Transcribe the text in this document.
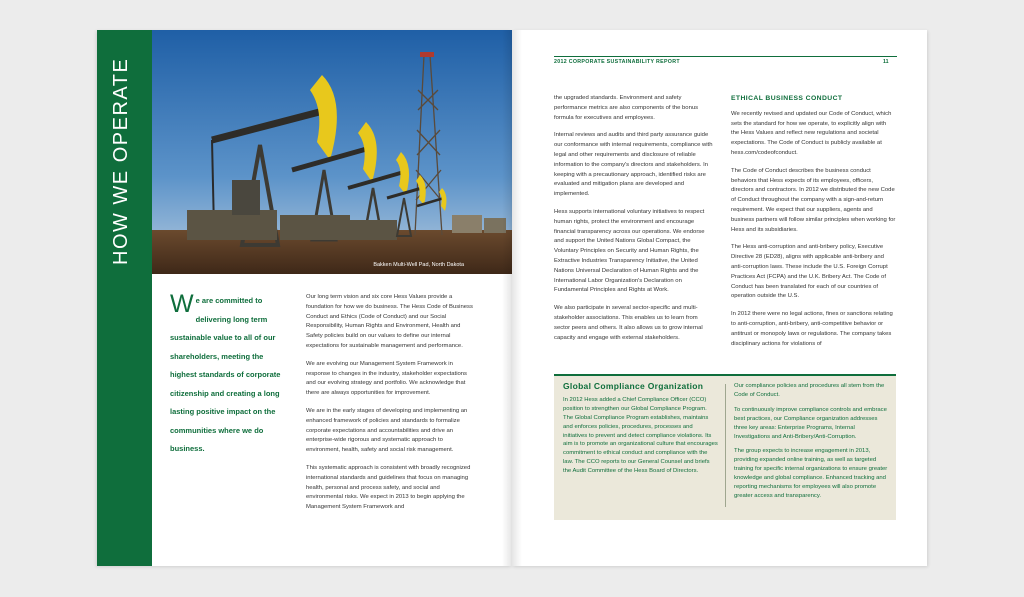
HOW WE OPERATE	Bakken Multi-Well Pad, North Dakota
We are committed to delivering long term sustainable value to all of our shareholders, meeting the highest standards of corporate citizenship and creating a long lasting positive impact on the communities where we do business.

Our long term vision and six core Hess Values provide a foundation for how we do business. The Hess Code of Business Conduct and Ethics (Code of Conduct) and our Social Responsibility, Human Rights and Environment, Health and Safety policies build on our values to define our internal expectations for sustainable management and performance.

We are evolving our Management System Framework in response to changes in the industry, stakeholder expectations and our evolving strategy and portfolio. We acknowledge that there are always opportunities for improvement.

We are in the early stages of developing and implementing an enhanced framework of policies and standards to formalize corporate expectations and accountabilities and drive an enterprise-wide rigorous and systematic approach to environment, health, safety and social risk management.

This systematic approach is consistent with broadly recognized international standards and guidelines that focus on managing health, personal and process safety, and social and environmental risks. We expect in 2013 to begin applying the Management System Framework and

2012 CORPORATE SUSTAINABILITY REPORT	11

the upgraded standards. Environment and safety performance metrics are also components of the bonus formula for executives and employees.

Internal reviews and audits and third party assurance guide our conformance with internal requirements, compliance with legal and other requirements and disclosure of reliable information to the company's directors and stakeholders. In keeping with a precautionary approach, identified risks are evaluated and mitigation plans are developed and implemented.

Hess supports international voluntary initiatives to respect human rights, protect the environment and encourage financial transparency across our operations. We endorse and support the United Nations Global Compact, the Voluntary Principles on Security and Human Rights, the Extractive Industries Transparency Initiative, the United Nations Universal Declaration of Human Rights and the International Labor Organization's Declaration on Fundamental Principles and Rights at Work.

We also participate in several sector-specific and multi-stakeholder associations. This enables us to learn from sector peers and others. It also allows us to grow internal capacity and engage with external stakeholders.

ETHICAL BUSINESS CONDUCT

We recently revised and updated our Code of Conduct, which sets the standard for how we operate, to explicitly align with the Hess Values and reflect new regulations and societal expectations. The Code of Conduct is publicly available at hess.com/codeofconduct.

The Code of Conduct describes the business conduct behaviors that Hess expects of its employees, officers, directors and contractors. In 2012 we distributed the new Code of Conduct throughout the company with a sign-and-return requirement. We expect that our suppliers, agents and business partners will follow similar principles when working for Hess and its subsidiaries.

The Hess anti-corruption and anti-bribery policy, Executive Directive 28 (ED28), aligns with applicable anti-bribery and anti-corruption laws. These include the U.S. Foreign Corrupt Practices Act (FCPA) and the U.K. Bribery Act. The Code of Conduct has been translated for each of our countries of operation outside the U.S.

In 2012 there were no legal actions, fines or sanctions relating to anti-corruption, anti-bribery, anti-competitive behavior or antitrust or monopoly laws or regulations. The company takes disciplinary actions for violations of

Global Compliance Organization

In 2012 Hess added a Chief Compliance Officer (CCO) position to strengthen our Global Compliance Program. The Global Compliance Program establishes, maintains and enforces policies, procedures, processes and initiatives to prevent and detect compliance violations. Its aim is to promote an organizational culture that encourages commitment to ethical conduct and compliance with the law. The CCO reports to our General Counsel and briefs the Audit Committee of the Hess Board of Directors.

Our compliance policies and procedures all stem from the Code of Conduct.

To continuously improve compliance controls and embrace best practices, our Compliance organization addresses three key areas: Enterprise Programs, Internal Investigations and Anti-Bribery/Anti-Corruption.

The group expects to increase engagement in 2013, providing expanded online training, as well as targeted training for specific internal organizations to ensure greater knowledge and global compliance. Enhanced tracking and reporting mechanisms for employees will also promote greater access and transparency.
